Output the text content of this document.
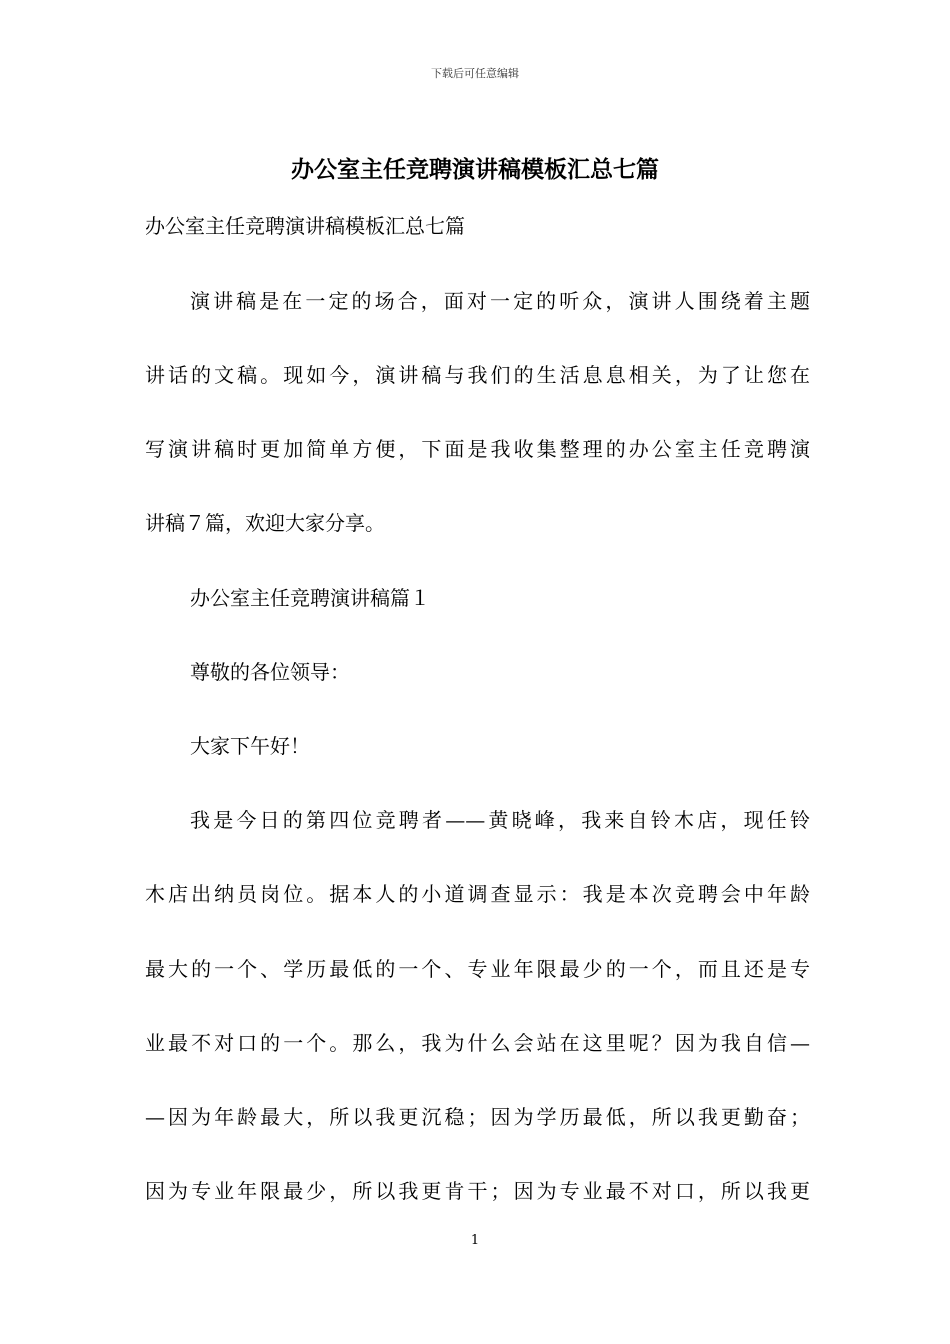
下载后可任意编辑
办公室主任竞聘演讲稿模板汇总七篇

办公室主任竞聘演讲稿模板汇总七篇

演讲稿是在一定的场合，面对一定的听众，演讲人围绕着主题

讲话的文稿。现如今，演讲稿与我们的生活息息相关，为了让您在

写演讲稿时更加简单方便，下面是我收集整理的办公室主任竞聘演

讲稿７篇，欢迎大家分享。

办公室主任竞聘演讲稿篇１

尊敬的各位领导：

大家下午好！

我是今日的第四位竞聘者——黄晓峰，我来自铃木店，现任铃

木店出纳员岗位。据本人的小道调查显示：我是本次竞聘会中年龄

最大的一个、学历最低的一个、专业年限最少的一个，而且还是专

业最不对口的一个。那么，我为什么会站在这里呢？因为我自信—

—因为年龄最大，所以我更沉稳；因为学历最低，所以我更勤奋；

因为专业年限最少，所以我更肯干；因为专业最不对口，所以我更

1
